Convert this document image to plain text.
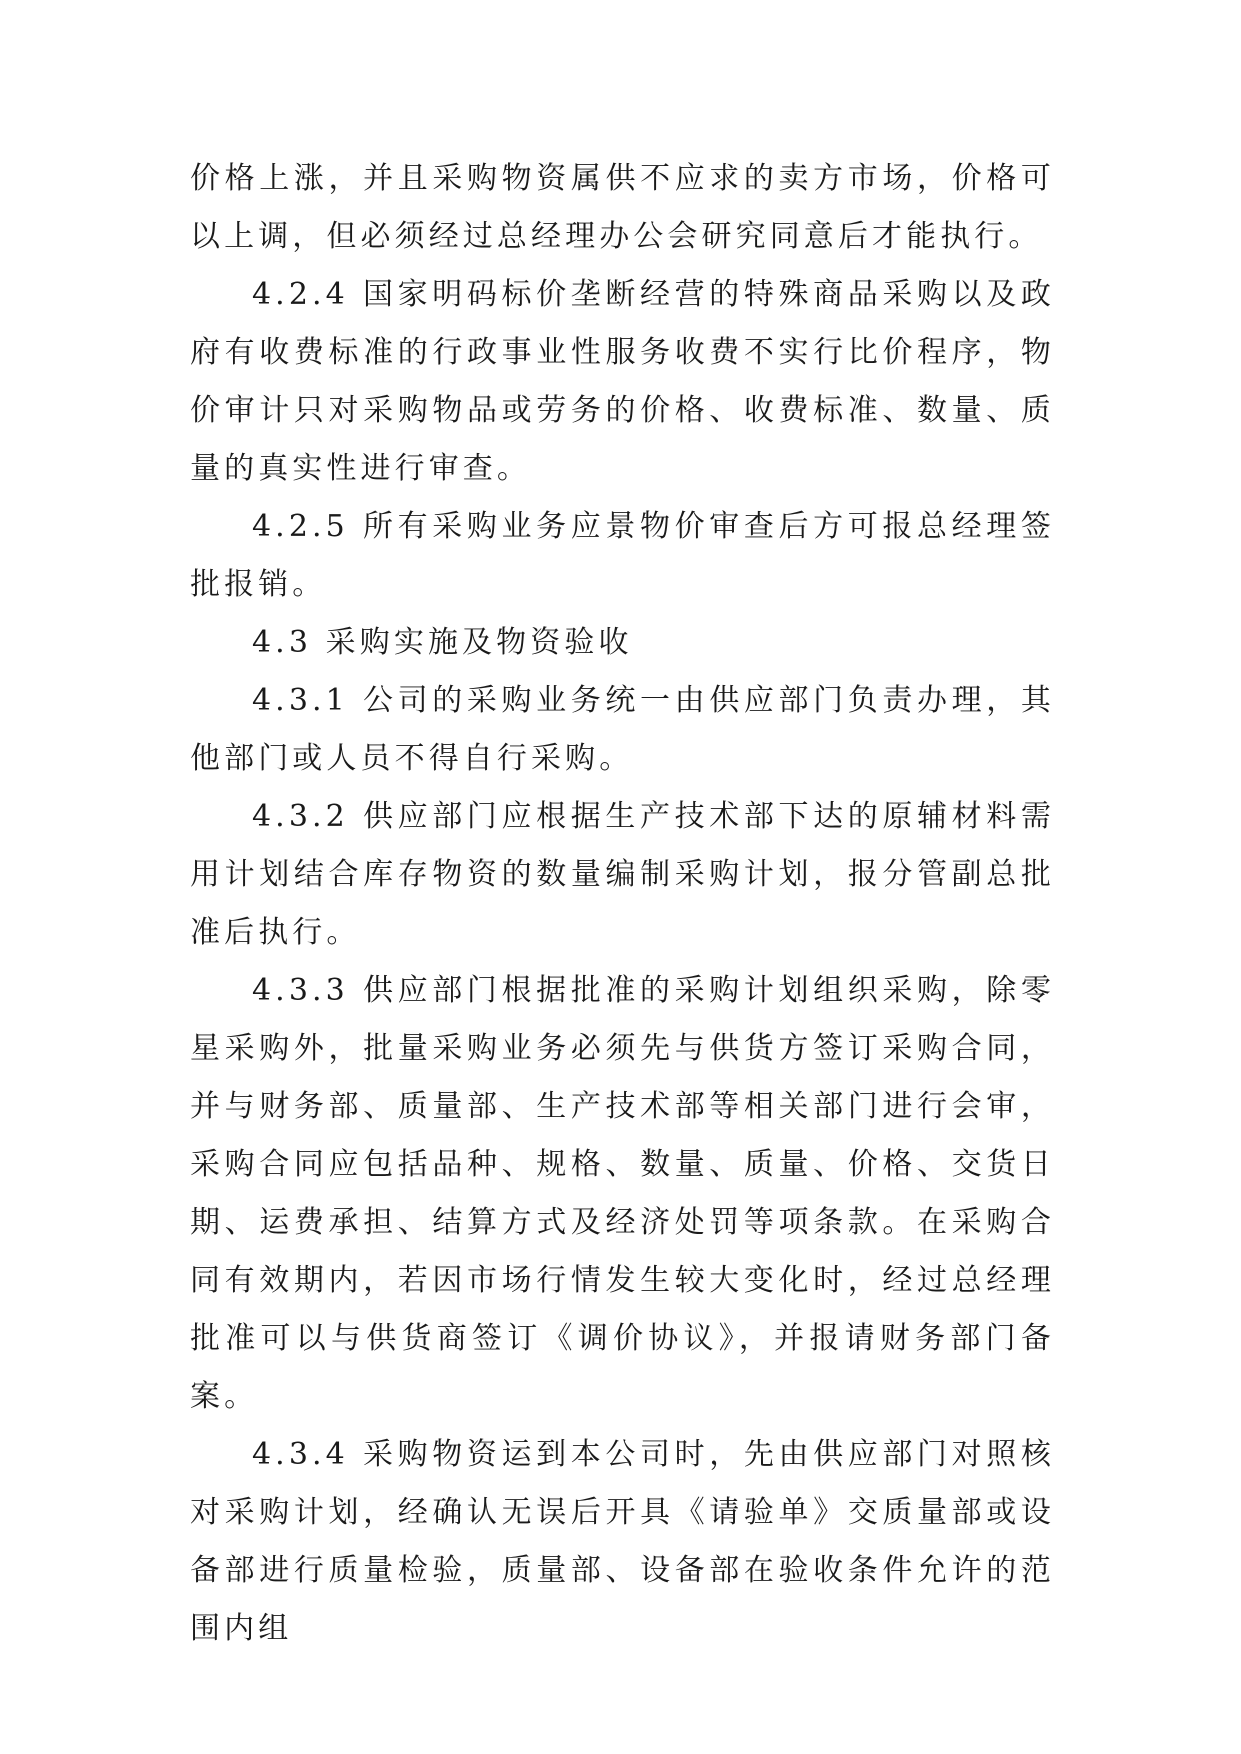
价格上涨，并且采购物资属供不应求的卖方市场，价格可以上调，但必须经过总经理办公会研究同意后才能执行。

4.2.4 国家明码标价垄断经营的特殊商品采购以及政府有收费标准的行政事业性服务收费不实行比价程序，物价审计只对采购物品或劳务的价格、收费标准、数量、质量的真实性进行审查。

4.2.5 所有采购业务应景物价审查后方可报总经理签批报销。

4.3 采购实施及物资验收

4.3.1 公司的采购业务统一由供应部门负责办理，其他部门或人员不得自行采购。

4.3.2 供应部门应根据生产技术部下达的原辅材料需用计划结合库存物资的数量编制采购计划，报分管副总批准后执行。

4.3.3 供应部门根据批准的采购计划组织采购，除零星采购外，批量采购业务必须先与供货方签订采购合同，并与财务部、质量部、生产技术部等相关部门进行会审，采购合同应包括品种、规格、数量、质量、价格、交货日期、运费承担、结算方式及经济处罚等项条款。在采购合同有效期内，若因市场行情发生较大变化时，经过总经理批准可以与供货商签订《调价协议》，并报请财务部门备案。

4.3.4 采购物资运到本公司时，先由供应部门对照核对采购计划，经确认无误后开具《请验单》交质量部或设备部进行质量检验，质量部、设备部在验收条件允许的范围内组
